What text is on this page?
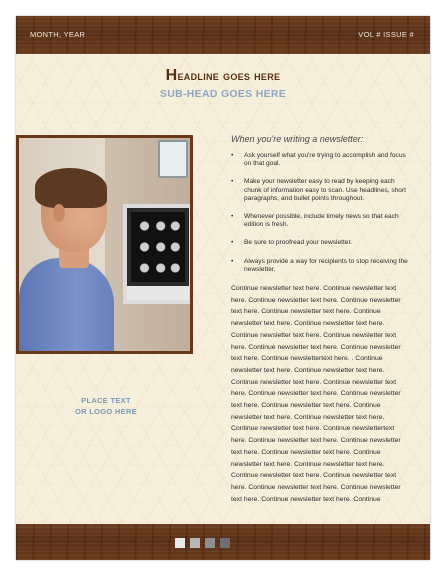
MONTH, YEAR	VOL # ISSUE #
Headline goes here
SUB-HEAD GOES HERE
PLACE TEXT
OR LOGO HERE
When you're writing a newsletter:
• Ask yourself what you're trying to accomplish and focus on that goal.
• Make your newsletter easy to read by keeping each chunk of information easy to scan. Use headlines, short paragraphs, and bullet points throughout.
• Whenever possible, include timely news so that each edition is fresh.
• Be sure to proofread your newsletter.
• Always provide a way for recipients to stop receiving the newsletter.

Continue newsletter text here. Continue newsletter text here. Continue newsletter text here. Continue newsletter text here. Continue newsletter text here. Continue newsletter text here. Continue newsletter text here. Continue newsletter text here. Continue newsletter text here. Continue newsletter text here. Continue newsletter text here. Continue newslettertext here. . Continue newsletter text here. Continue newsletter text here. Continue newsletter text here. Continue newsletter text here. Continue newsletter text here. Continue newsletter text here. Continue newsletter text here. Continue newsletter text here. Continue newsletter text here. Continue newsletter text here. Continue newslettertext here. Continue newsletter text here. Continue newsletter text here. Continue newsletter text here. Continue newsletter text here. Continue newsletter text here. Continue newsletter text here. Continue newsletter text here. Continue newsletter text here. Continue newsletter text here. Continue newsletter text here. Continue
